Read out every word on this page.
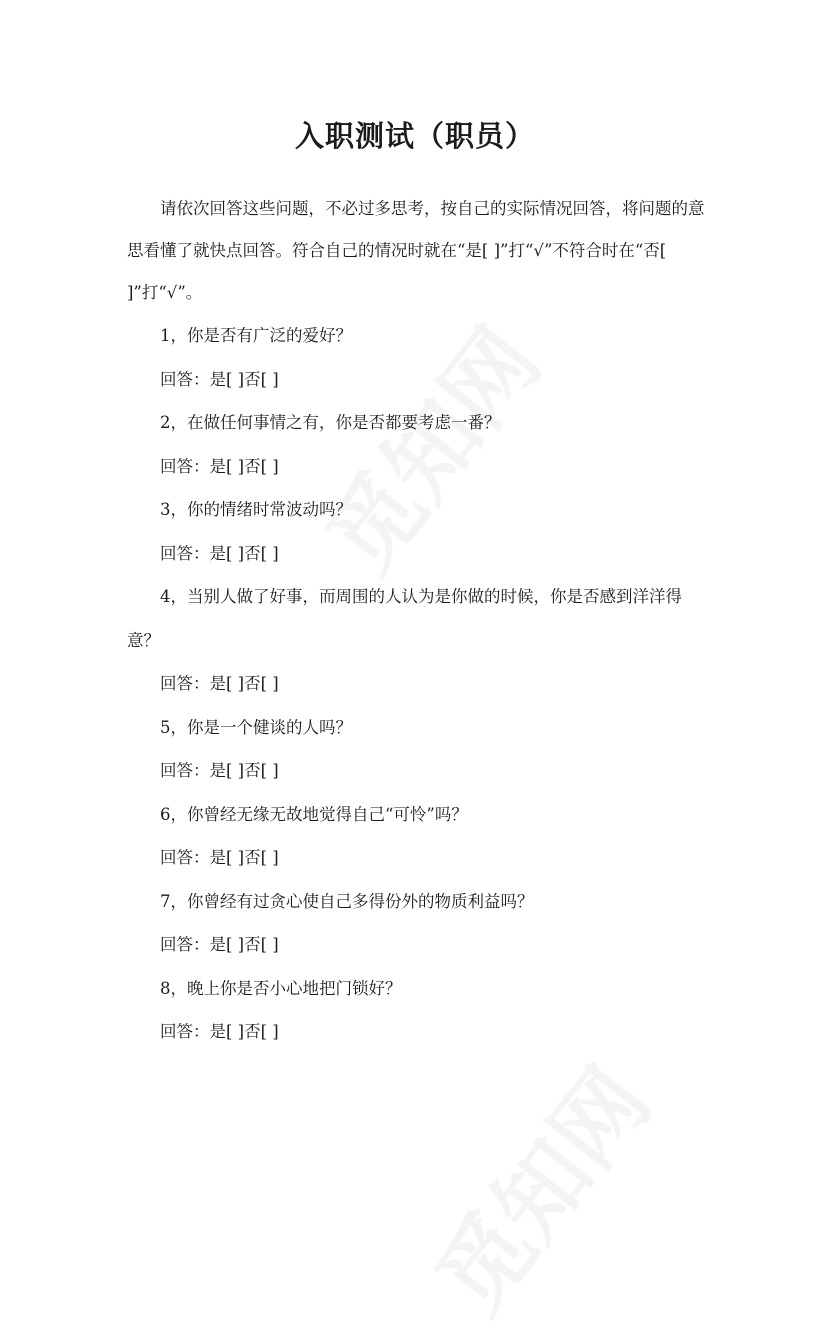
入职测试（职员）

请依次回答这些问题，不必过多思考，按自己的实际情况回答，将问题的意思看懂了就快点回答。符合自己的情况时就在“是[ ]”打“√”不符合时在“否[ ]”打“√”。

1，你是否有广泛的爱好？

回答：是[ ]否[ ]

2，在做任何事情之有，你是否都要考虑一番？

回答：是[ ]否[ ]

3，你的情绪时常波动吗？

回答：是[ ]否[ ]

4，当别人做了好事，而周围的人认为是你做的时候，你是否感到洋洋得意？

回答：是[ ]否[ ]

5，你是一个健谈的人吗？

回答：是[ ]否[ ]

6，你曾经无缘无故地觉得自己“可怜”吗？

回答：是[ ]否[ ]

7，你曾经有过贪心使自己多得份外的物质利益吗？

回答：是[ ]否[ ]

8，晚上你是否小心地把门锁好？

回答：是[ ]否[ ]
